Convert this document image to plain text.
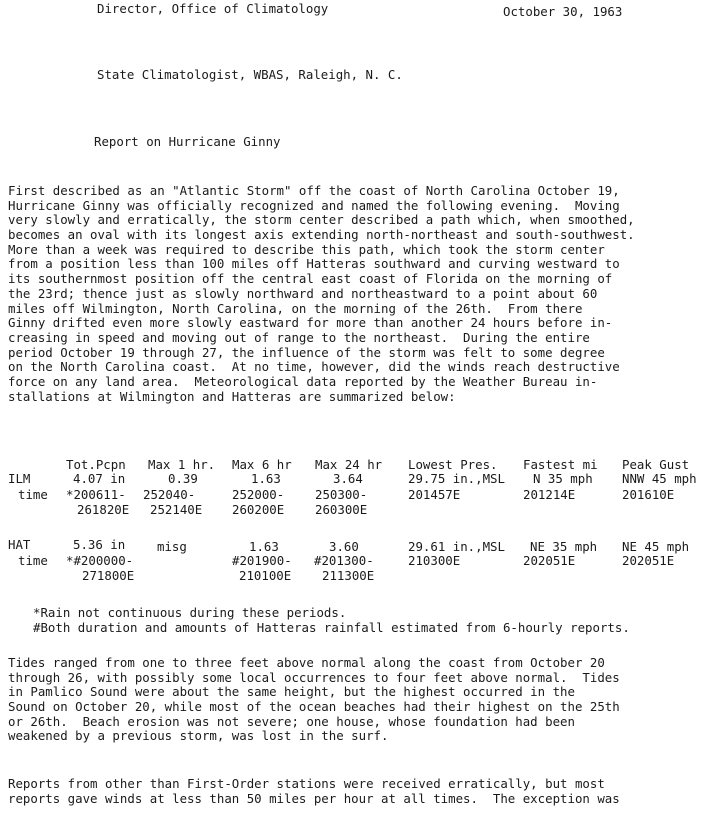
Director, Office of Climatology	October 30, 1963
State Climatologist, WBAS, Raleigh, N. C.
Report on Hurricane Ginny
First described as an "Atlantic Storm" off the coast of North Carolina October 19,
Hurricane Ginny was officially recognized and named the following evening.  Moving
very slowly and erratically, the storm center described a path which, when smoothed,
becomes an oval with its longest axis extending north-northeast and south-southwest.
More than a week was required to describe this path, which took the storm center
from a position less than 100 miles off Hatteras southward and curving westward to
its southernmost position off the central east coast of Florida on the morning of
the 23rd; thence just as slowly northward and northeastward to a point about 60
miles off Wilmington, North Carolina, on the morning of the 26th.  From there
Ginny drifted even more slowly eastward for more than another 24 hours before in-
creasing in speed and moving out of range to the northeast.  During the entire
period October 19 through 27, the influence of the storm was felt to some degree
on the North Carolina coast.  At no time, however, did the winds reach destructive
force on any land area.  Meteorological data reported by the Weather Bureau in-
stallations at Wilmington and Hatteras are summarized below:
Tot.Pcpn Max 1 hr. Max 6 hr Max 24 hr Lowest Pres. Fastest mi Peak Gust
ILM
time
4.07 in
*200611-
261820E
0.39
252040-
252140E
1.63
252000-
260200E
3.64
250300-
260300E
29.75 in.,MSL
201457E
N 35 mph
201214E
NNW 45 mph
201610E
HAT
time
5.36 in
*#200000-
271800E
misg	1.63
#201900-
210100E
3.60
#201300-
211300E
29.61 in.,MSL
210300E
NE 35 mph
202051E
NE 45 mph
202051E
*Rain not continuous during these periods.
#Both duration and amounts of Hatteras rainfall estimated from 6-hourly reports.
Tides ranged from one to three feet above normal along the coast from October 20
through 26, with possibly some local occurrences to four feet above normal.  Tides
in Pamlico Sound were about the same height, but the highest occurred in the
Sound on October 20, while most of the ocean beaches had their highest on the 25th
or 26th.  Beach erosion was not severe; one house, whose foundation had been
weakened by a previous storm, was lost in the surf.
Reports from other than First-Order stations were received erratically, but most
reports gave winds at less than 50 miles per hour at all times.  The exception was
